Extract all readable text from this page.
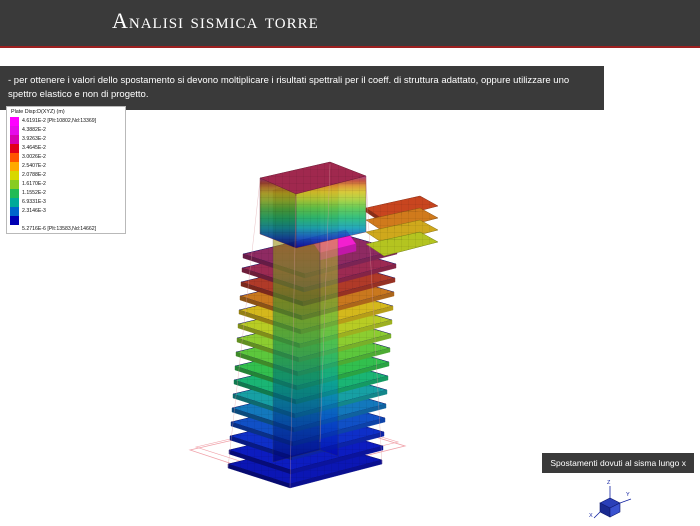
Analisi sismica torre
- per ottenere i valori dello spostamento si devono moltiplicare i risultati spettrali per il coeff. di struttura adattato, oppure utilizzare uno spettro elastico e non di progetto.
Plate Disp:D(XYZ) (m)
4.6191E-2 [Plt:10802,Nd:13369]
4.3882E-2
3.9263E-2
3.4645E-2
3.0026E-2
2.5407E-2
2.0788E-2
1.6170E-2
1.1552E-2
6.9331E-3
2.3146E-3
5.2716E-6 [Plt:13583,Nd:14662]
Spostamenti dovuti al sisma lungo x
Z
Y
X
